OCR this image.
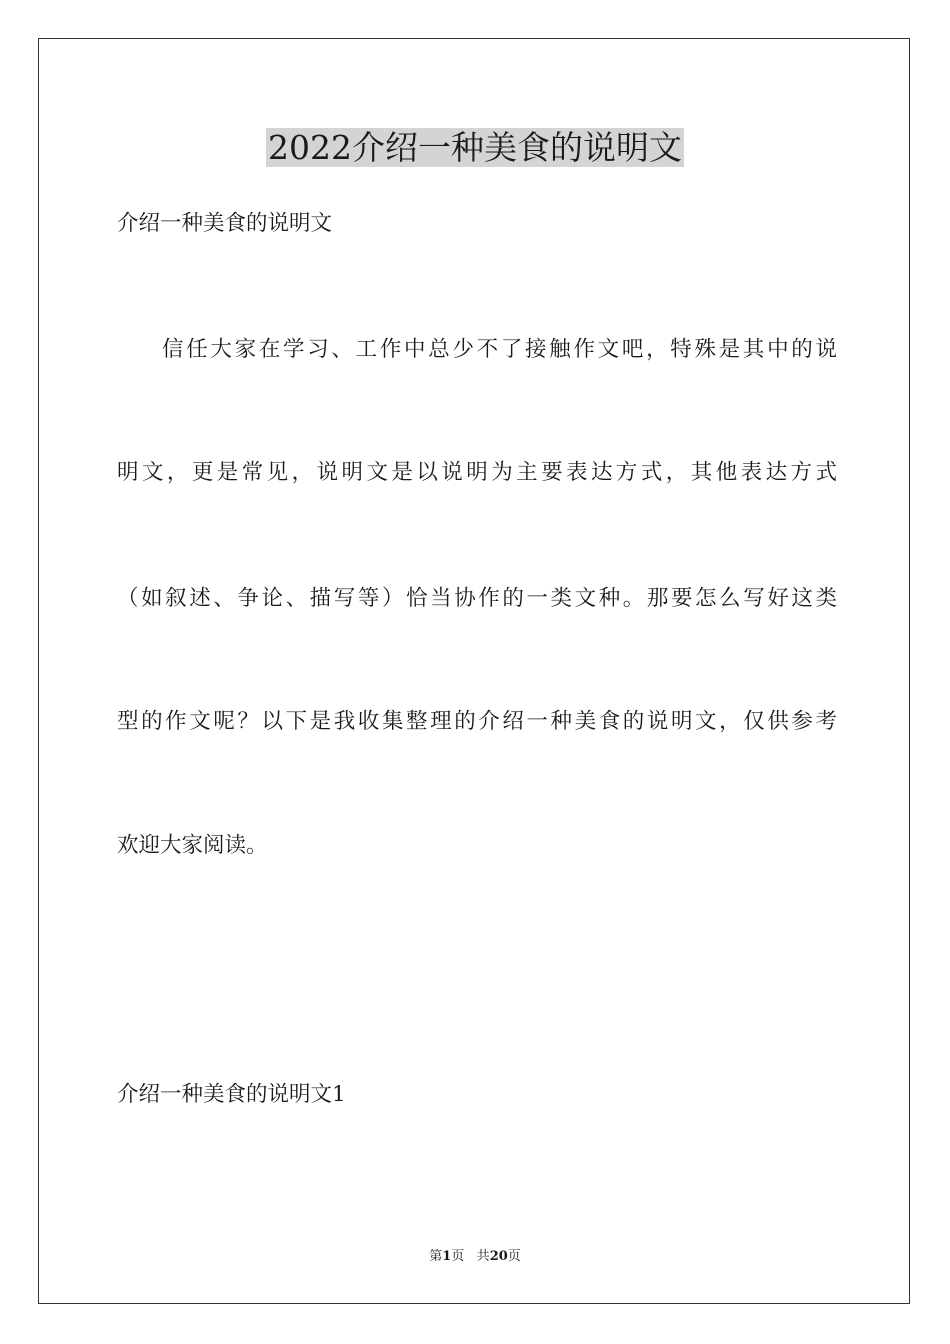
2022介绍一种美食的说明文
介绍一种美食的说明文
信任大家在学习、工作中总少不了接触作文吧，特殊是其中的说
明文，更是常见，说明文是以说明为主要表达方式，其他表达方式
（如叙述、争论、描写等）恰当协作的一类文种。那要怎么写好这类
型的作文呢？以下是我收集整理的介绍一种美食的说明文，仅供参考
欢迎大家阅读。
介绍一种美食的说明文1
第1页 共20页
